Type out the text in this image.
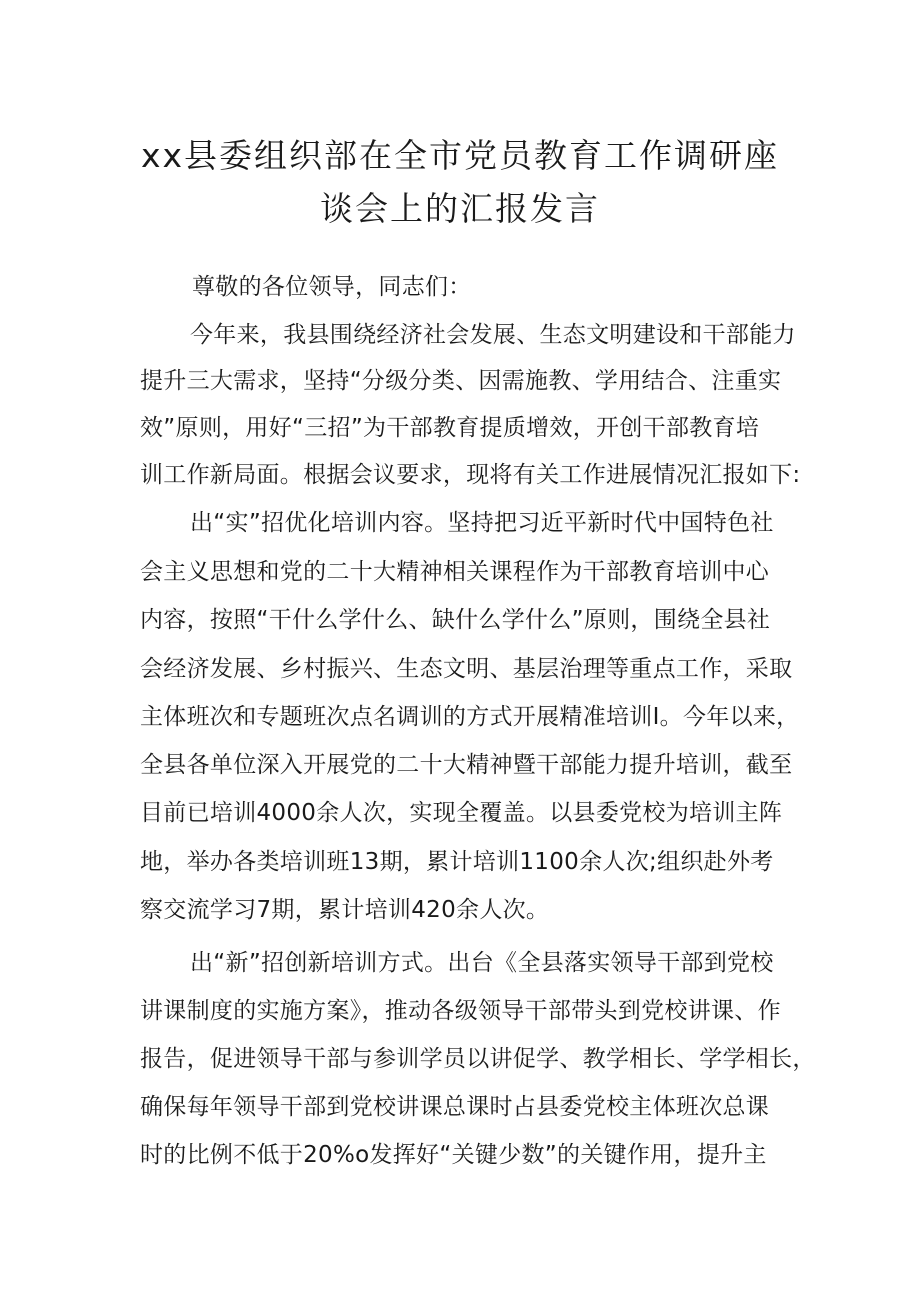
xx县委组织部在全市党员教育工作调研座
谈会上的汇报发言
尊敬的各位领导，同志们：
今年来，我县围绕经济社会发展、生态文明建设和干部能力
提升三大需求，坚持“分级分类、因需施教、学用结合、注重实
效”原则，用好“三招”为干部教育提质增效，开创干部教育培
训工作新局面。根据会议要求，现将有关工作进展情况汇报如下:
出“实”招优化培训内容。坚持把习近平新时代中国特色社
会主义思想和党的二十大精神相关课程作为干部教育培训中心
内容，按照“干什么学什么、缺什么学什么”原则，围绕全县社
会经济发展、乡村振兴、生态文明、基层治理等重点工作，采取
主体班次和专题班次点名调训的方式开展精准培训I。今年以来，
全县各单位深入开展党的二十大精神暨干部能力提升培训，截至
目前已培训4000余人次，实现全覆盖。以县委党校为培训主阵
地，举办各类培训班13期，累计培训1100余人次;组织赴外考
察交流学习7期，累计培训420余人次。
出“新”招创新培训方式。出台《全县落实领导干部到党校
讲课制度的实施方案》，推动各级领导干部带头到党校讲课、作
报告，促进领导干部与参训学员以讲促学、教学相长、学学相长，
确保每年领导干部到党校讲课总课时占县委党校主体班次总课
时的比例不低于20%o发挥好“关键少数”的关键作用，提升主
